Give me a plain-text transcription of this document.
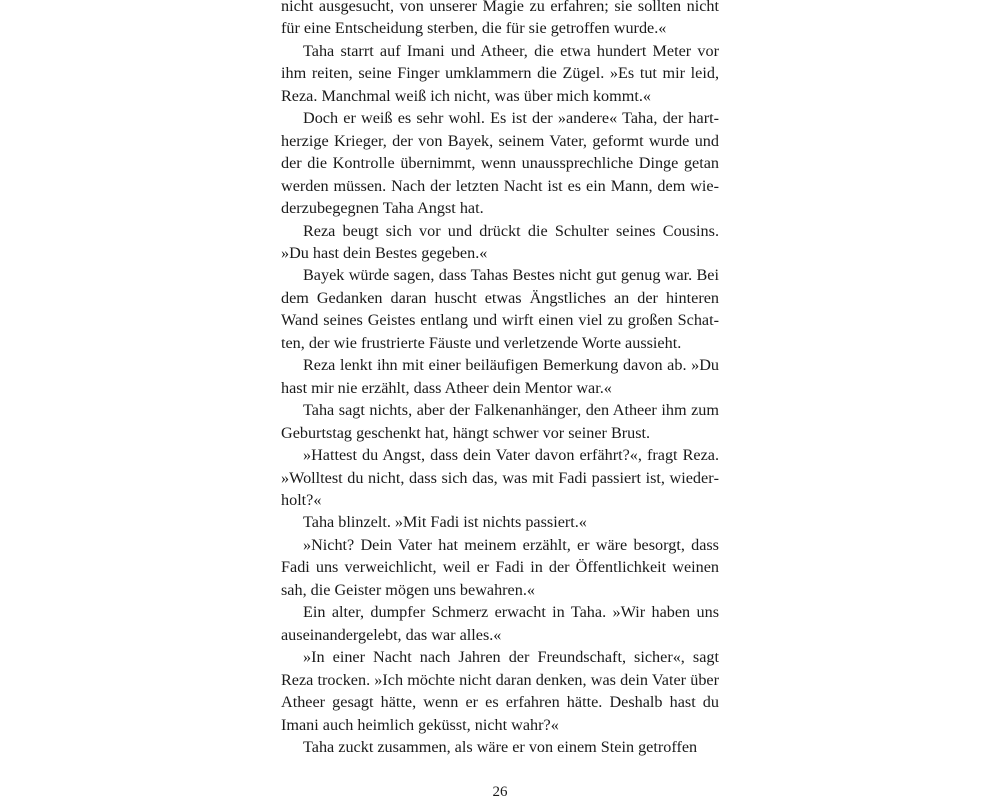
nicht ausgesucht, von unserer Magie zu erfahren; sie sollten nicht für eine Entscheidung sterben, die für sie getroffen wurde.«

Taha starrt auf Imani und Atheer, die etwa hundert Meter vor ihm reiten, seine Finger umklammern die Zügel. »Es tut mir leid, Reza. Manchmal weiß ich nicht, was über mich kommt.«

Doch er weiß es sehr wohl. Es ist der »andere« Taha, der hartherzige Krieger, der von Bayek, seinem Vater, geformt wurde und der die Kontrolle übernimmt, wenn unaussprechliche Dinge getan werden müssen. Nach der letzten Nacht ist es ein Mann, dem wiederzubegegnen Taha Angst hat.

Reza beugt sich vor und drückt die Schulter seines Cousins. »Du hast dein Bestes gegeben.«

Bayek würde sagen, dass Tahas Bestes nicht gut genug war. Bei dem Gedanken daran huscht etwas Ängstliches an der hinteren Wand seines Geistes entlang und wirft einen viel zu großen Schatten, der wie frustrierte Fäuste und verletzende Worte aussieht.

Reza lenkt ihn mit einer beiläufigen Bemerkung davon ab. »Du hast mir nie erzählt, dass Atheer dein Mentor war.«

Taha sagt nichts, aber der Falkenanhänger, den Atheer ihm zum Geburtstag geschenkt hat, hängt schwer vor seiner Brust.

»Hattest du Angst, dass dein Vater davon erfährt?«, fragt Reza. »Wolltest du nicht, dass sich das, was mit Fadi passiert ist, wiederholt?«

Taha blinzelt. »Mit Fadi ist nichts passiert.«

»Nicht? Dein Vater hat meinem erzählt, er wäre besorgt, dass Fadi uns verweichlicht, weil er Fadi in der Öffentlichkeit weinen sah, die Geister mögen uns bewahren.«

Ein alter, dumpfer Schmerz erwacht in Taha. »Wir haben uns auseinandergelebt, das war alles.«

»In einer Nacht nach Jahren der Freundschaft, sicher«, sagt Reza trocken. »Ich möchte nicht daran denken, was dein Vater über Atheer gesagt hätte, wenn er es erfahren hätte. Deshalb hast du Imani auch heimlich geküsst, nicht wahr?«

Taha zuckt zusammen, als wäre er von einem Stein getroffen

26
